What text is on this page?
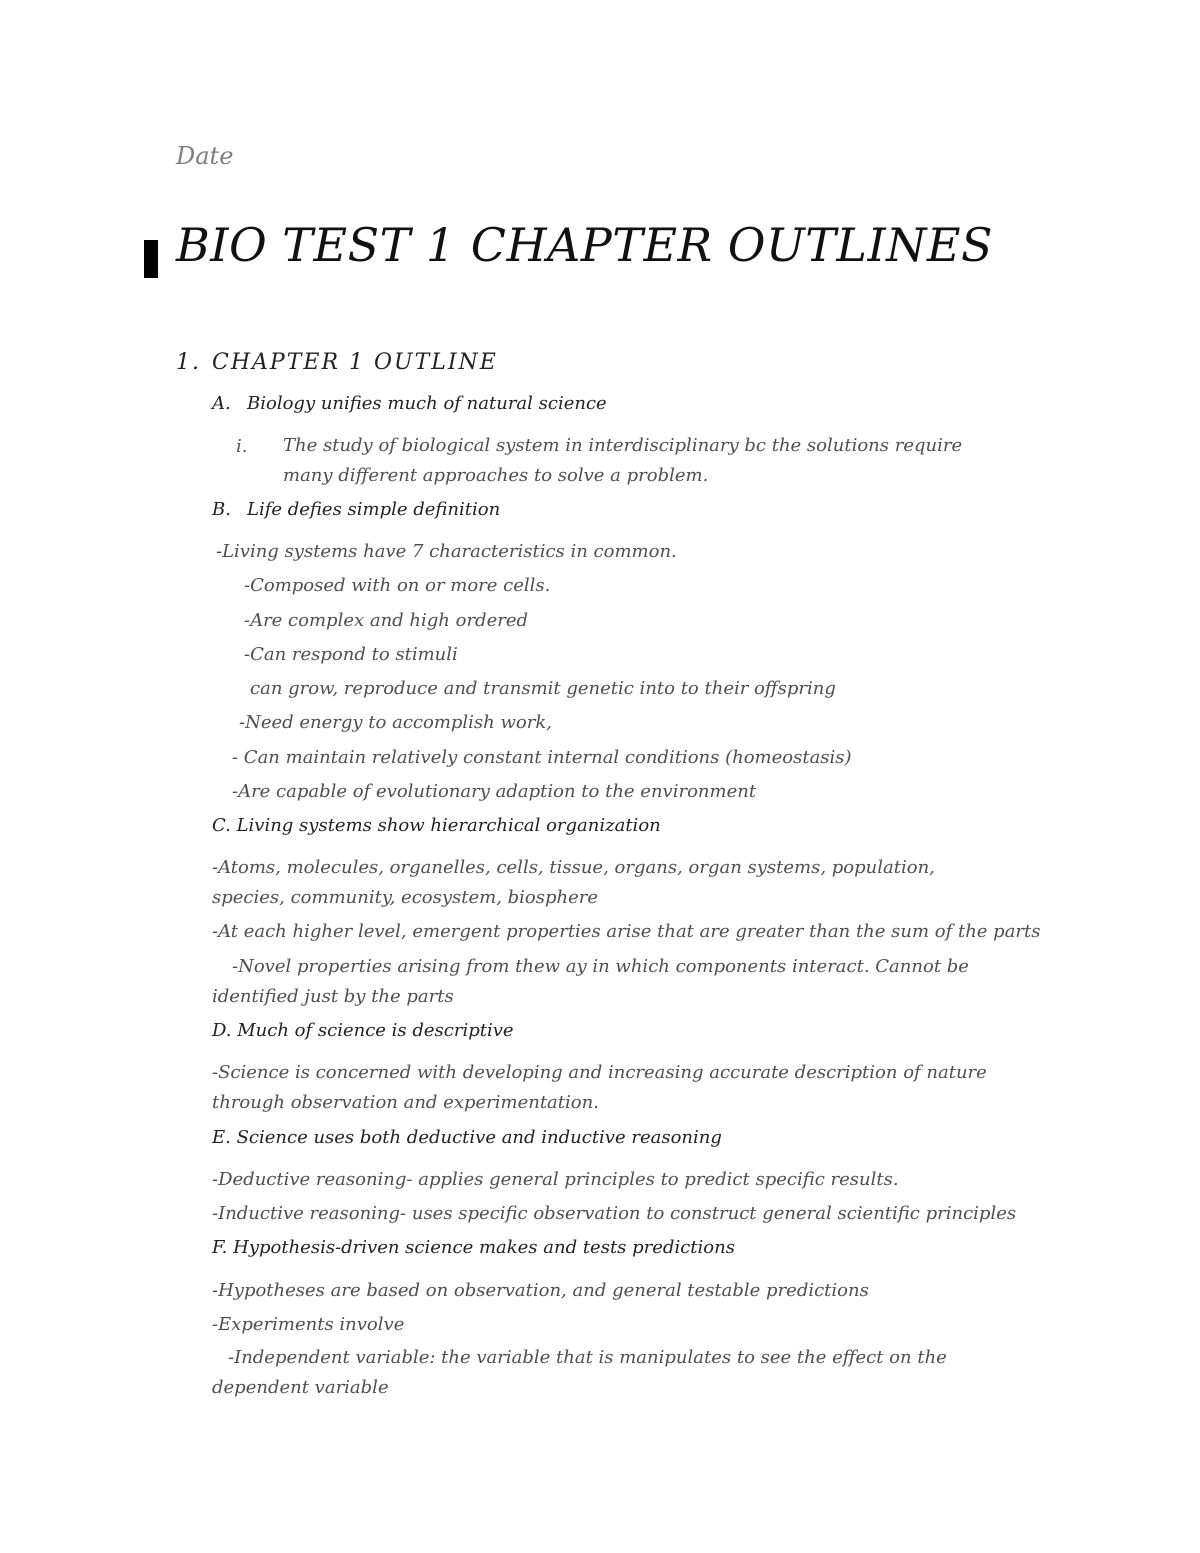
Date
BIO TEST 1 CHAPTER OUTLINES
1. CHAPTER 1 OUTLINE
A. Biology unifies much of natural science
i. The study of biological system in interdisciplinary bc the solutions require many different approaches to solve a problem.
B. Life defies simple definition
-Living systems have 7 characteristics in common.
-Composed with on or more cells.
-Are complex and high ordered
-Can respond to stimuli
can grow, reproduce and transmit genetic into to their offspring
-Need energy to accomplish work,
- Can maintain relatively constant internal conditions (homeostasis)
-Are capable of evolutionary adaption to the environment
C. Living systems show hierarchical organization
-Atoms, molecules, organelles, cells, tissue, organs, organ systems, population, species, community, ecosystem, biosphere
-At each higher level, emergent properties arise that are greater than the sum of the parts
-Novel properties arising from thew ay in which components interact. Cannot be identified just by the parts
D. Much of science is descriptive
-Science is concerned with developing and increasing accurate description of nature through observation and experimentation.
E. Science uses both deductive and inductive reasoning
-Deductive reasoning- applies general principles to predict specific results.
-Inductive reasoning- uses specific observation to construct general scientific principles
F. Hypothesis-driven science makes and tests predictions
-Hypotheses are based on observation, and general testable predictions
-Experiments involve
-Independent variable: the variable that is manipulates to see the effect on the dependent variable
